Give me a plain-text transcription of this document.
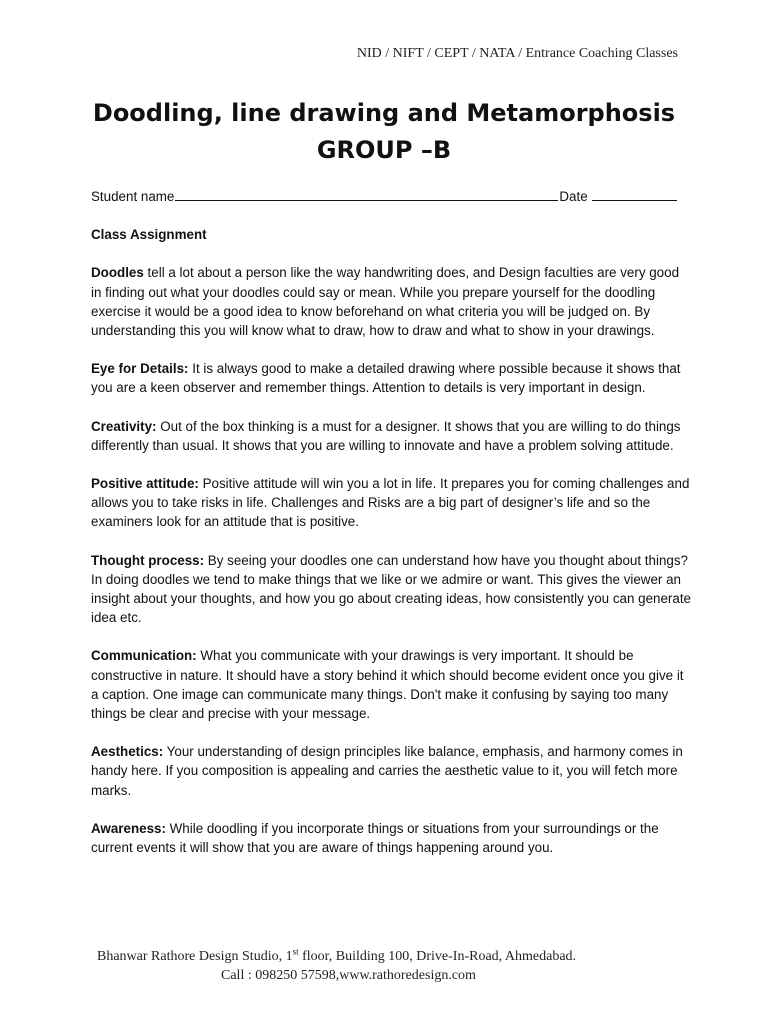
NID / NIFT / CEPT / NATA / Entrance Coaching Classes
Doodling, line drawing and Metamorphosis
GROUP –B
Student name	Date
Class Assignment
Doodles tell a lot about a person like the way handwriting does, and Design faculties are very good in finding out what your doodles could say or mean. While you prepare yourself for the doodling exercise it would be a good idea to know beforehand on what criteria you will be judged on. By understanding this you will know what to draw, how to draw and what to show in your drawings.
Eye for Details: It is always good to make a detailed drawing where possible because it shows that you are a keen observer and remember things. Attention to details is very important in design.
Creativity: Out of the box thinking is a must for a designer. It shows that you are willing to do things differently than usual. It shows that you are willing to innovate and have a problem solving attitude.
Positive attitude: Positive attitude will win you a lot in life. It prepares you for coming challenges and allows you to take risks in life. Challenges and Risks are a big part of designer’s life and so the examiners look for an attitude that is positive.
Thought process: By seeing your doodles one can understand how have you thought about things? In doing doodles we tend to make things that we like or we admire or want. This gives the viewer an insight about your thoughts, and how you go about creating ideas, how consistently you can generate idea etc.
Communication: What you communicate with your drawings is very important. It should be constructive in nature. It should have a story behind it which should become evident once you give it a caption. One image can communicate many things. Don't make it confusing by saying too many things be clear and precise with your message.
Aesthetics: Your understanding of design principles like balance, emphasis, and harmony comes in handy here. If you composition is appealing and carries the aesthetic value to it, you will fetch more marks.
Awareness: While doodling if you incorporate things or situations from your surroundings or the current events it will show that you are aware of things happening around you.
Bhanwar Rathore Design Studio, 1st floor, Building 100, Drive-In-Road, Ahmedabad.
Call : 098250 57598,www.rathoredesign.com
